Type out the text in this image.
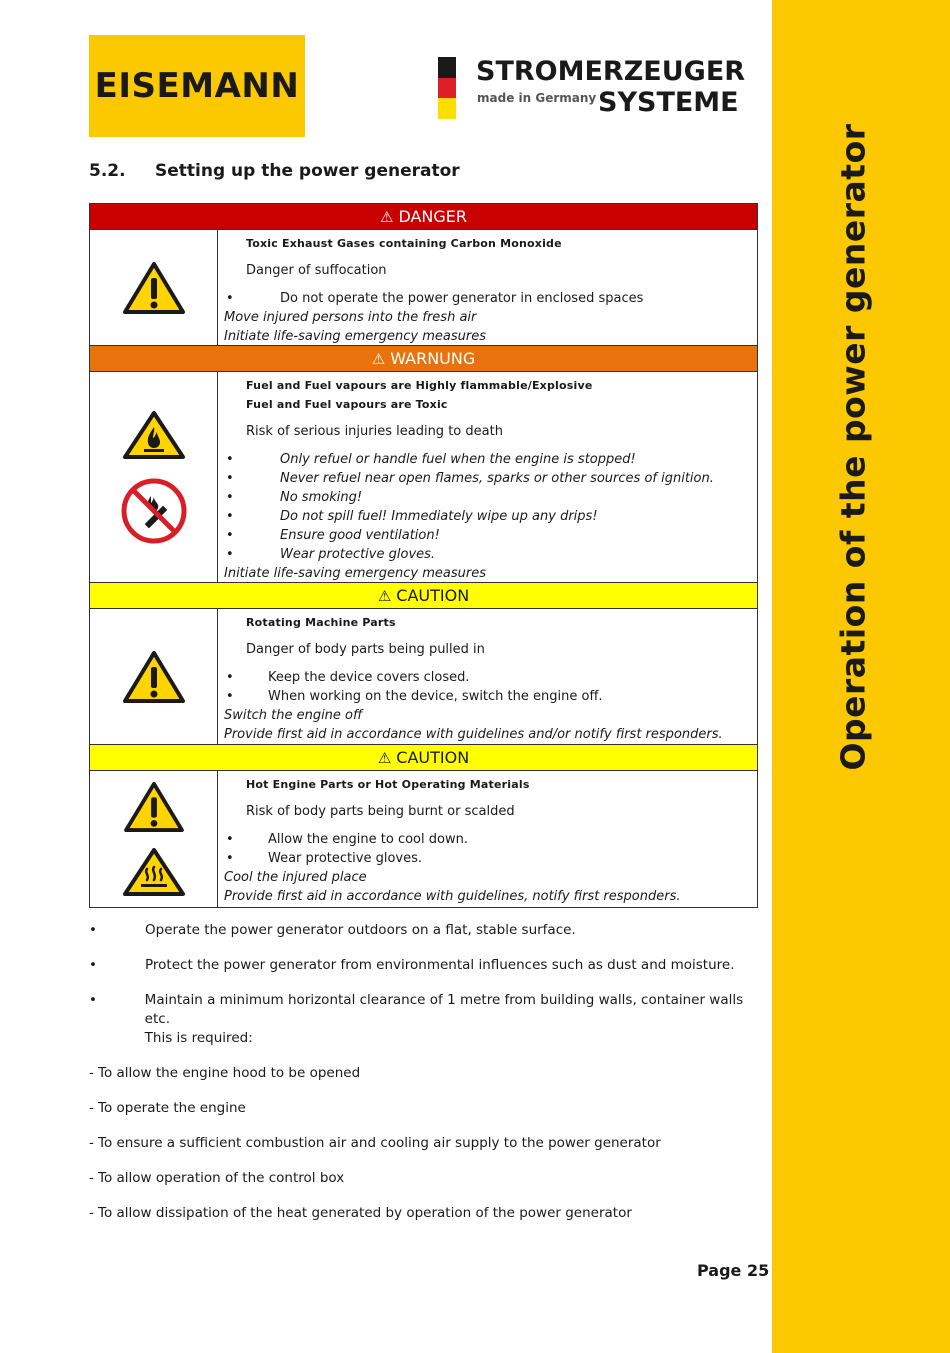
Operation of the power generator
EISEMANN	STROMERZEUGER
made in Germany SYSTEME
5.2. Setting up the power generator
⚠ DANGER
Toxic Exhaust Gases containing Carbon Monoxide
Danger of suffocation
•	Do not operate the power generator in enclosed spaces
Move injured persons into the fresh air
Initiate life-saving emergency measures
⚠ WARNUNG
Fuel and Fuel vapours are Highly flammable/Explosive
Fuel and Fuel vapours are Toxic
Risk of serious injuries leading to death
•	Only refuel or handle fuel when the engine is stopped!
•	Never refuel near open flames, sparks or other sources of ignition.
•	No smoking!
•	Do not spill fuel! Immediately wipe up any drips!
•	Ensure good ventilation!
•	Wear protective gloves.
Initiate life-saving emergency measures
⚠ CAUTION
Rotating Machine Parts
Danger of body parts being pulled in
•	Keep the device covers closed.
•	When working on the device, switch the engine off.
Switch the engine off
Provide first aid in accordance with guidelines and/or notify first responders.
⚠ CAUTION
Hot Engine Parts or Hot Operating Materials
Risk of body parts being burnt or scalded
•	Allow the engine to cool down.
•	Wear protective gloves.
Cool the injured place
Provide first aid in accordance with guidelines, notify first responders.
•	Operate the power generator outdoors on a flat, stable surface.
•	Protect the power generator from environmental influences such as dust and moisture.
•	Maintain a minimum horizontal clearance of 1 metre from building walls, container walls etc.
This is required:
- To allow the engine hood to be opened
- To operate the engine
- To ensure a sufficient combustion air and cooling air supply to the power generator
- To allow operation of the control box
- To allow dissipation of the heat generated by operation of the power generator
Page 25
